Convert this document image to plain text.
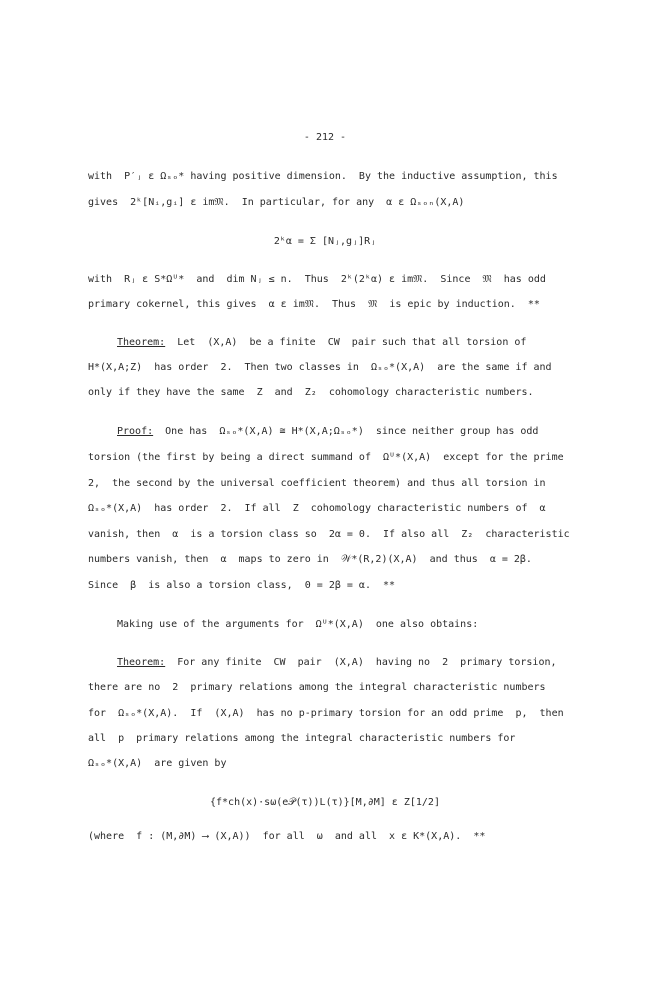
- 212 -
with  P′ⱼ ε Ωₛₒ* having positive dimension.  By the inductive assumption, this
gives  2ᵏ[Nᵢ,gᵢ] ε im𝔐.  In particular, for any  α ε Ωₛₒₙ(X,A)
2ᵏα = Σ [Nⱼ,gⱼ]Rⱼ
with  Rⱼ ε S*Ωᵁ*  and  dim Nⱼ ≤ n.  Thus  2ᵏ(2ᵏα) ε im𝔐.  Since  𝔐  has odd
primary cokernel, this gives  α ε im𝔐.  Thus  𝔐  is epic by induction.  **
Theorem:  Let  (X,A)  be a finite  CW  pair such that all torsion of
H*(X,A;Z)  has order  2.  Then two classes in  Ωₛₒ*(X,A)  are the same if and
only if they have the same  Z  and  Z₂  cohomology characteristic numbers.
Proof:  One has  Ωₛₒ*(X,A) ≅ H*(X,A;Ωₛₒ*)  since neither group has odd
torsion (the first by being a direct summand of  Ωᵁ*(X,A)  except for the prime
2,  the second by the universal coefficient theorem) and thus all torsion in
Ωₛₒ*(X,A)  has order  2.  If all  Z  cohomology characteristic numbers of  α
vanish, then  α  is a torsion class so  2α = 0.  If also all  Z₂  characteristic
numbers vanish, then  α  maps to zero in  𝒲*(R,2)(X,A)  and thus  α = 2β.
Since  β  is also a torsion class,  0 = 2β = α.  **
Making use of the arguments for  Ωᵁ*(X,A)  one also obtains:
Theorem:  For any finite  CW  pair  (X,A)  having no  2  primary torsion,
there are no  2  primary relations among the integral characteristic numbers
for  Ωₛₒ*(X,A).  If  (X,A)  has no p-primary torsion for an odd prime  p,  then
all  p  primary relations among the integral characteristic numbers for
Ωₛₒ*(X,A)  are given by
{f*ch(x)·sω(e𝒫(τ))L(τ)}[M,∂M] ε Z[1/2]
(where  f : (M,∂M) ⟶ (X,A))  for all  ω  and all  x ε K*(X,A).  **
